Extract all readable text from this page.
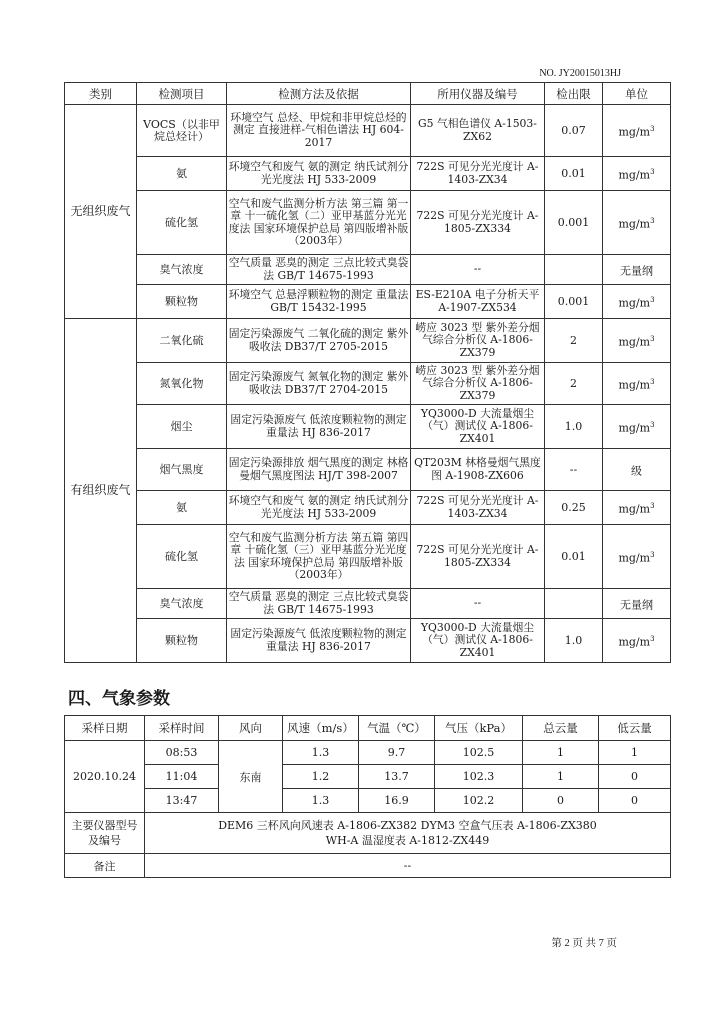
NO. JY20015013HJ
类别	检测项目	检测方法及依据	所用仪器及编号	检出限	单位
无组织废气	VOCS（以非甲烷总烃计）	环境空气 总烃、甲烷和非甲烷总烃的测定 直接进样-气相色谱法 HJ 604-2017	G5 气相色谱仪 A-1503-ZX62	0.07	$mg/m^3$
	氨	环境空气和废气 氨的测定 纳氏试剂分光光度法 HJ 533-2009	722S 可见分光光度计 A-1403-ZX34	0.01	$mg/m^3$
	硫化氢	空气和废气监测分析方法 第三篇 第一章 十一硫化氢（二）亚甲基蓝分光光度法 国家环境保护总局 第四版增补版（2003年）	722S 可见分光光度计 A-1805-ZX334	0.001	$mg/m^3$
	臭气浓度	空气质量 恶臭的测定 三点比较式臭袋法 GB/T 14675-1993	--		无量纲
	颗粒物	环境空气 总悬浮颗粒物的测定 重量法 GB/T 15432-1995	ES-E210A 电子分析天平 A-1907-ZX534	0.001	$mg/m^3$
有组织废气	二氧化硫	固定污染源废气 二氧化硫的测定 紫外吸收法 DB37/T 2705-2015	崂应 3023 型 紫外差分烟气综合分析仪 A-1806-ZX379	2	$mg/m^3$
	氮氧化物	固定污染源废气 氮氧化物的测定 紫外吸收法 DB37/T 2704-2015	崂应 3023 型 紫外差分烟气综合分析仪 A-1806-ZX379	2	$mg/m^3$
	烟尘	固定污染源废气 低浓度颗粒物的测定 重量法 HJ 836-2017	YQ3000-D 大流量烟尘（气）测试仪 A-1806-ZX401	1.0	$mg/m^3$
	烟气黑度	固定污染源排放 烟气黑度的测定 林格曼烟气黑度图法 HJ/T 398-2007	QT203M 林格曼烟气黑度图 A-1908-ZX606	--	级
	氨	环境空气和废气 氨的测定 纳氏试剂分光光度法 HJ 533-2009	722S 可见分光光度计 A-1403-ZX34	0.25	$mg/m^3$
	硫化氢	空气和废气监测分析方法 第五篇 第四章 十硫化氢（三）亚甲基蓝分光光度法 国家环境保护总局 第四版增补版（2003年）	722S 可见分光光度计 A-1805-ZX334	0.01	$mg/m^3$
	臭气浓度	空气质量 恶臭的测定 三点比较式臭袋法 GB/T 14675-1993	--		无量纲
	颗粒物	固定污染源废气 低浓度颗粒物的测定 重量法 HJ 836-2017	YQ3000-D 大流量烟尘（气）测试仪 A-1806-ZX401	1.0	$mg/m^3$
四、气象参数
采样日期	采样时间	风向	风速（m/s）	气温（℃）	气压（kPa）	总云量	低云量
2020.10.24	08:53	东南	1.3	9.7	102.5	1	1
	11:04		1.2	13.7	102.3	1	0
	13:47		1.3	16.9	102.2	0	0
主要仪器型号及编号	DEM6 三杯风向风速表 A-1806-ZX382 DYM3 空盒气压表 A-1806-ZX380
WH-A 温湿度表 A-1812-ZX449						

备注	--						
第 2 页 共 7 页
